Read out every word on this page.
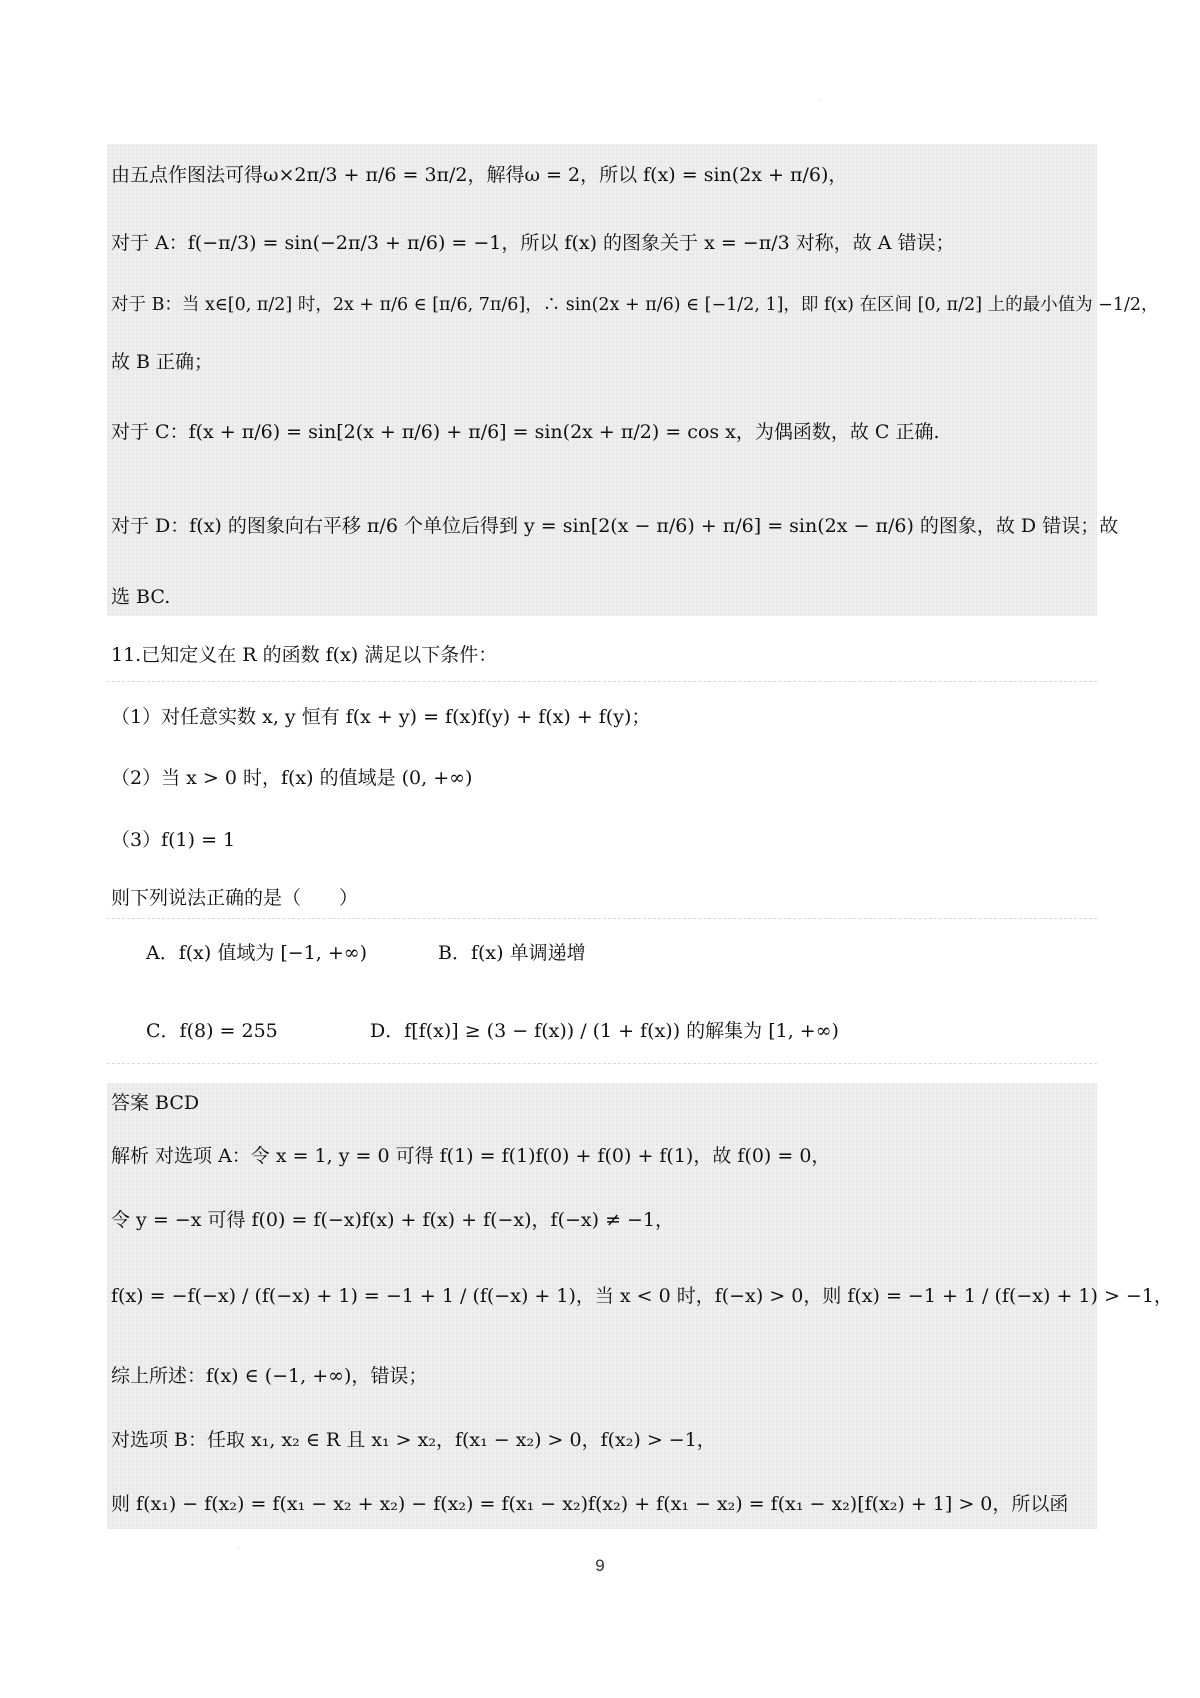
·
由五点作图法可得ω×2π/3 + π/6 = 3π/2，解得ω = 2，所以 f(x) = sin(2x + π/6)，
对于 A：f(−π/3) = sin(−2π/3 + π/6) = −1，所以 f(x) 的图象关于 x = −π/3 对称，故 A 错误；
对于 B：当 x∈[0, π/2] 时，2x + π/6 ∈ [π/6, 7π/6]，∴ sin(2x + π/6) ∈ [−1/2, 1]，即 f(x) 在区间 [0, π/2] 上的最小值为 −1/2，
故 B 正确；
对于 C：f(x + π/6) = sin[2(x + π/6) + π/6] = sin(2x + π/2) = cos x，为偶函数，故 C 正确.
对于 D：f(x) 的图象向右平移 π/6 个单位后得到 y = sin[2(x − π/6) + π/6] = sin(2x − π/6) 的图象，故 D 错误；故
选 BC.
11.已知定义在 R 的函数 f(x) 满足以下条件：
（1）对任意实数 x, y 恒有 f(x + y) = f(x)f(y) + f(x) + f(y)；
（2）当 x > 0 时，f(x) 的值域是 (0, +∞)
（3）f(1) = 1
则下列说法正确的是（　　）
A．f(x) 值域为 [−1, +∞)	B．f(x) 单调递增
C．f(8) = 255	D．f[f(x)] ≥ (3 − f(x)) / (1 + f(x)) 的解集为 [1, +∞)
答案 BCD
解析 对选项 A：令 x = 1, y = 0 可得 f(1) = f(1)f(0) + f(0) + f(1)，故 f(0) = 0，
令 y = −x 可得 f(0) = f(−x)f(x) + f(x) + f(−x)，f(−x) ≠ −1，
f(x) = −f(−x) / (f(−x) + 1) = −1 + 1 / (f(−x) + 1)，当 x < 0 时，f(−x) > 0，则 f(x) = −1 + 1 / (f(−x) + 1) > −1，
综上所述：f(x) ∈ (−1, +∞)，错误；
对选项 B：任取 x₁, x₂ ∈ R 且 x₁ > x₂，f(x₁ − x₂) > 0，f(x₂) > −1，
则 f(x₁) − f(x₂) = f(x₁ − x₂ + x₂) − f(x₂) = f(x₁ − x₂)f(x₂) + f(x₁ − x₂) = f(x₁ − x₂)[f(x₂) + 1] > 0，所以函
·
9
